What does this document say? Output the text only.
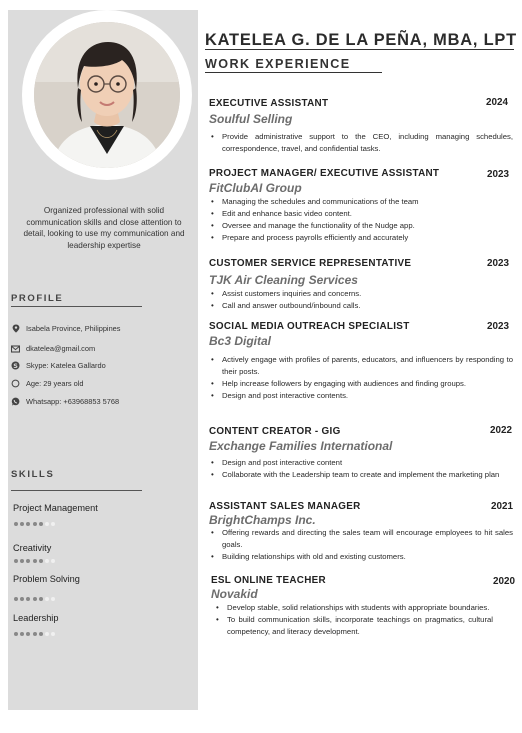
Organized professional with solid communication skills and close attention to detail, looking to use my communication and leadership expertise
PROFILE
Isabela Province, Philippines
dkatelea@gmail.com
S Skype: Katelea Gallardo
Age: 29 years old
Whatsapp: +63968853 5768
SKILLS
Project Management
Creativity
Problem Solving
Leadership
KATELEA G. DE LA PEÑA, MBA, LPT
WORK EXPERIENCE
EXECUTIVE ASSISTANT	2024
Soulful Selling
• Provide administrative support to the CEO, including managing schedules, correspondence, travel, and confidential tasks.
PROJECT MANAGER/ EXECUTIVE ASSISTANT	2023
FitClubAI Group
• Managing the schedules and communications of the team
• Edit and enhance basic video content.
• Oversee and manage the functionality of the Nudge app.
• Prepare and process payrolls efficiently and accurately
CUSTOMER SERVICE REPRESENTATIVE	2023
TJK Air Cleaning Services
• Assist customers inquiries and concerns.
• Call and answer outbound/inbound calls.
SOCIAL MEDIA OUTREACH SPECIALIST	2023
Bc3 Digital
• Actively engage with profiles of parents, educators, and influencers by responding to their posts.
• Help increase followers by engaging with audiences and finding groups.
• Design and post interactive contents.
CONTENT CREATOR - GIG	2022
Exchange Families International
• Design and post interactive content
• Collaborate with the Leadership team to create and implement the marketing plan
ASSISTANT SALES MANAGER	2021
BrightChamps Inc.
• Offering rewards and directing the sales team will encourage employees to hit sales goals.
• Building relationships with old and existing customers.
ESL ONLINE TEACHER	2020
Novakid
• Develop stable, solid relationships with students with appropriate boundaries.
• To build communication skills, incorporate teachings on pragmatics, cultural competency, and literacy development.
